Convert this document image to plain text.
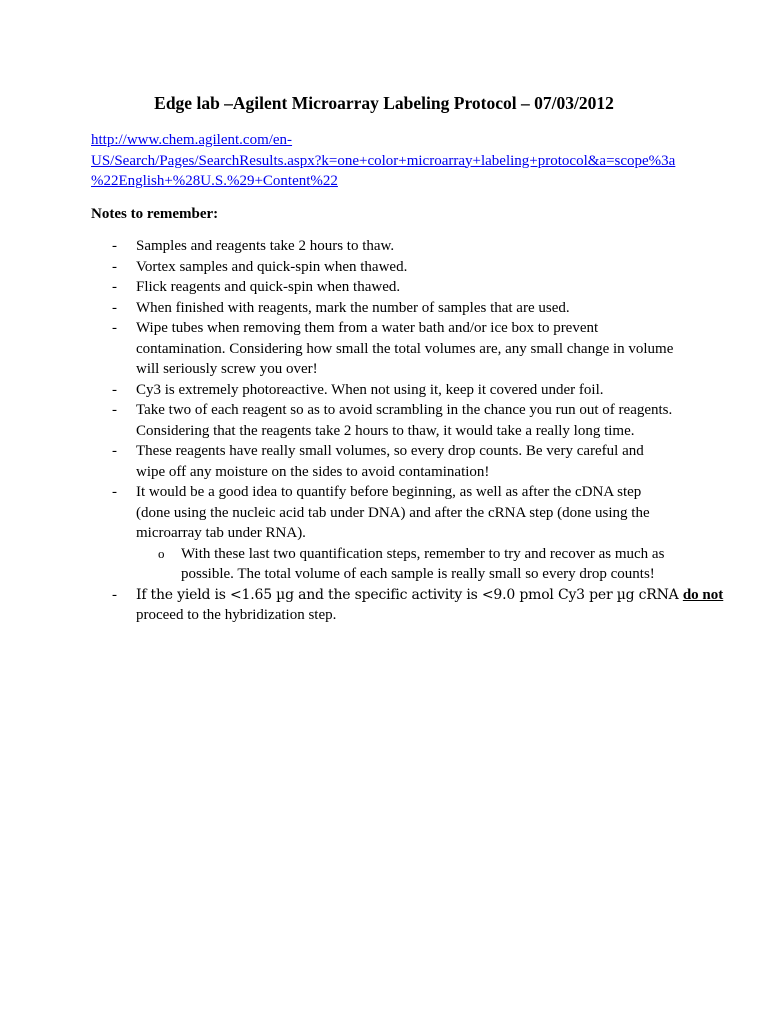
Edge lab –Agilent Microarray Labeling Protocol – 07/03/2012
http://www.chem.agilent.com/en-
US/Search/Pages/SearchResults.aspx?k=one+color+microarray+labeling+protocol&a=scope%3a
%22English+%28U.S.%29+Content%22

Notes to remember:

- Samples and reagents take 2 hours to thaw.
- Vortex samples and quick-spin when thawed.
- Flick reagents and quick-spin when thawed.
- When finished with reagents, mark the number of samples that are used.
- Wipe tubes when removing them from a water bath and/or ice box to prevent
contamination. Considering how small the total volumes are, any small change in volume
will seriously screw you over!
- Cy3 is extremely photoreactive. When not using it, keep it covered under foil.
- Take two of each reagent so as to avoid scrambling in the chance you run out of reagents.
Considering that the reagents take 2 hours to thaw, it would take a really long time.
- These reagents have really small volumes, so every drop counts. Be very careful and
wipe off any moisture on the sides to avoid contamination!
- It would be a good idea to quantify before beginning, as well as after the cDNA step
(done using the nucleic acid tab under DNA) and after the cRNA step (done using the
microarray tab under RNA).
o With these last two quantification steps, remember to try and recover as much as
possible. The total volume of each sample is really small so every drop counts!
- If the yield is <1.65 µg and the specific activity is <9.0 pmol Cy3 per µg cRNA do not
proceed to the hybridization step.
